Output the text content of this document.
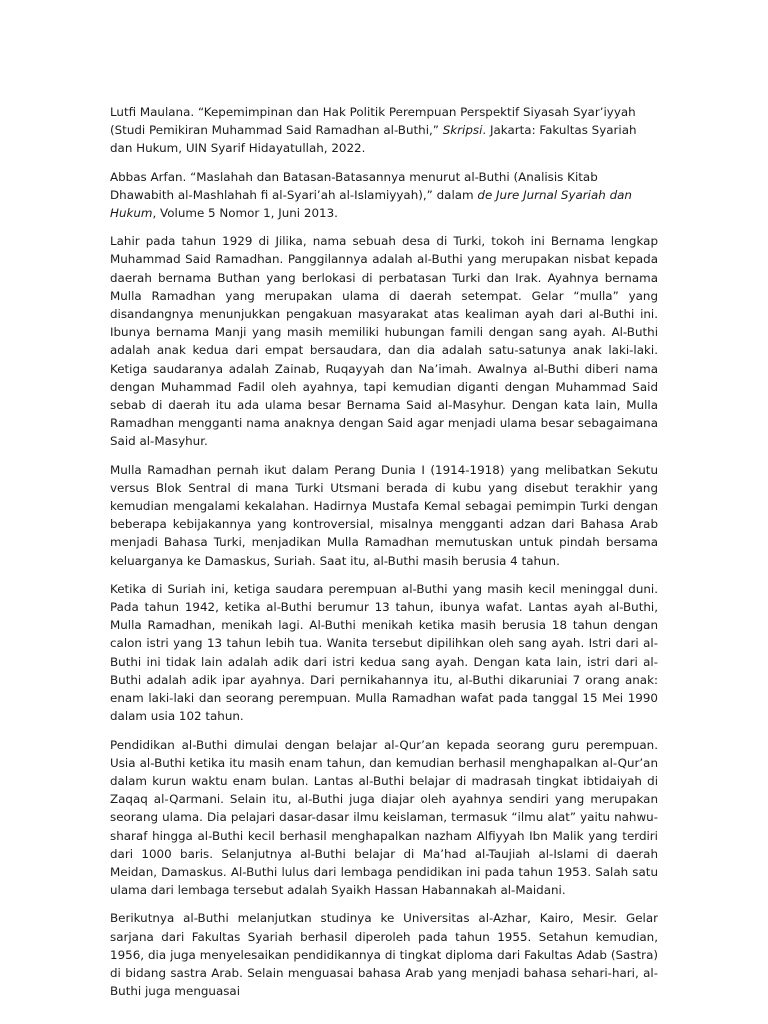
Lutfi Maulana. “Kepemimpinan dan Hak Politik Perempuan Perspektif Siyasah Syar’iyyah (Studi Pemikiran Muhammad Said Ramadhan al-Buthi,” Skripsi. Jakarta: Fakultas Syariah dan Hukum, UIN Syarif Hidayatullah, 2022.

Abbas Arfan. “Maslahah dan Batasan-Batasannya menurut al-Buthi (Analisis Kitab Dhawabith al-Mashlahah fi al-Syari’ah al-Islamiyyah),” dalam de Jure Jurnal Syariah dan Hukum, Volume 5 Nomor 1, Juni 2013.

Lahir pada tahun 1929 di Jilika, nama sebuah desa di Turki, tokoh ini Bernama lengkap Muhammad Said Ramadhan. Panggilannya adalah al-Buthi yang merupakan nisbat kepada daerah bernama Buthan yang berlokasi di perbatasan Turki dan Irak. Ayahnya bernama Mulla Ramadhan yang merupakan ulama di daerah setempat. Gelar “mulla” yang disandangnya menunjukkan pengakuan masyarakat atas kealiman ayah dari al-Buthi ini. Ibunya bernama Manji yang masih memiliki hubungan famili dengan sang ayah. Al-Buthi adalah anak kedua dari empat bersaudara, dan dia adalah satu-satunya anak laki-laki. Ketiga saudaranya adalah Zainab, Ruqayyah dan Na’imah. Awalnya al-Buthi diberi nama dengan Muhammad Fadil oleh ayahnya, tapi kemudian diganti dengan Muhammad Said sebab di daerah itu ada ulama besar Bernama Said al-Masyhur. Dengan kata lain, Mulla Ramadhan mengganti nama anaknya dengan Said agar menjadi ulama besar sebagaimana Said al-Masyhur.

Mulla Ramadhan pernah ikut dalam Perang Dunia I (1914-1918) yang melibatkan Sekutu versus Blok Sentral di mana Turki Utsmani berada di kubu yang disebut terakhir yang kemudian mengalami kekalahan. Hadirnya Mustafa Kemal sebagai pemimpin Turki dengan beberapa kebijakannya yang kontroversial, misalnya mengganti adzan dari Bahasa Arab menjadi Bahasa Turki, menjadikan Mulla Ramadhan memutuskan untuk pindah bersama keluarganya ke Damaskus, Suriah. Saat itu, al-Buthi masih berusia 4 tahun.

Ketika di Suriah ini, ketiga saudara perempuan al-Buthi yang masih kecil meninggal duni. Pada tahun 1942, ketika al-Buthi berumur 13 tahun, ibunya wafat. Lantas ayah al-Buthi, Mulla Ramadhan, menikah lagi. Al-Buthi menikah ketika masih berusia 18 tahun dengan calon istri yang 13 tahun lebih tua. Wanita tersebut dipilihkan oleh sang ayah. Istri dari al-Buthi ini tidak lain adalah adik dari istri kedua sang ayah. Dengan kata lain, istri dari al-Buthi adalah adik ipar ayahnya. Dari pernikahannya itu, al-Buthi dikaruniai 7 orang anak: enam laki-laki dan seorang perempuan. Mulla Ramadhan wafat pada tanggal 15 Mei 1990 dalam usia 102 tahun.

Pendidikan al-Buthi dimulai dengan belajar al-Qur’an kepada seorang guru perempuan. Usia al-Buthi ketika itu masih enam tahun, dan kemudian berhasil menghapalkan al-Qur’an dalam kurun waktu enam bulan. Lantas al-Buthi belajar di madrasah tingkat ibtidaiyah di Zaqaq al-Qarmani. Selain itu, al-Buthi juga diajar oleh ayahnya sendiri yang merupakan seorang ulama. Dia pelajari dasar-dasar ilmu keislaman, termasuk “ilmu alat” yaitu nahwu-sharaf hingga al-Buthi kecil berhasil menghapalkan nazham Alfiyyah Ibn Malik yang terdiri dari 1000 baris. Selanjutnya al-Buthi belajar di Ma’had al-Taujiah al-Islami di daerah Meidan, Damaskus. Al-Buthi lulus dari lembaga pendidikan ini pada tahun 1953. Salah satu ulama dari lembaga tersebut adalah Syaikh Hassan Habannakah al-Maidani.

Berikutnya al-Buthi melanjutkan studinya ke Universitas al-Azhar, Kairo, Mesir. Gelar sarjana dari Fakultas Syariah berhasil diperoleh pada tahun 1955. Setahun kemudian, 1956, dia juga menyelesaikan pendidikannya di tingkat diploma dari Fakultas Adab (Sastra) di bidang sastra Arab. Selain menguasai bahasa Arab yang menjadi bahasa sehari-hari, al-Buthi juga menguasai
